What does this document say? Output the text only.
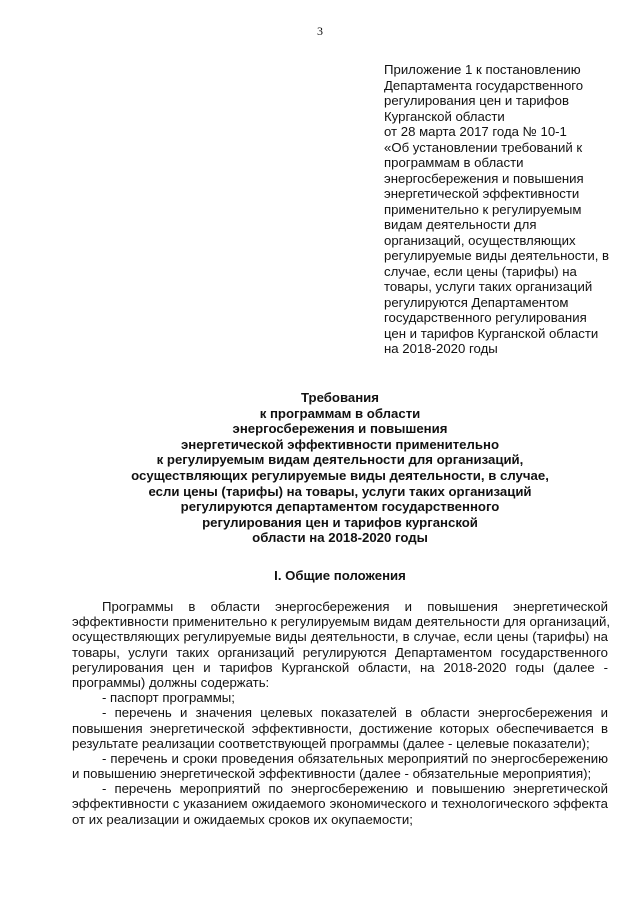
3
Приложение 1 к постановлению
Департамента государственного
регулирования цен и тарифов
Курганской области
от 28 марта 2017 года № 10-1
«Об установлении требований к
программам в области
энергосбережения и повышения
энергетической эффективности
применительно к регулируемым
видам деятельности для
организаций, осуществляющих
регулируемые виды деятельности, в
случае, если цены (тарифы) на
товары, услуги таких организаций
регулируются Департаментом
государственного регулирования
цен и тарифов Курганской области
на 2018-2020 годы
Требования
к программам в области
энергосбережения и повышения
энергетической эффективности применительно
к регулируемым видам деятельности для организаций,
осуществляющих регулируемые виды деятельности, в случае,
если цены (тарифы) на товары, услуги таких организаций
регулируются департаментом государственного
регулирования цен и тарифов курганской
области на 2018-2020 годы
I. Общие положения
Программы в области энергосбережения и повышения энергетической
эффективности применительно к регулируемым видам деятельности для организаций,
осуществляющих регулируемые виды деятельности, в случае, если цены (тарифы) на
товары, услуги таких организаций регулируются Департаментом государственного
регулирования цен и тарифов Курганской области, на 2018-2020 годы (далее -
программы) должны содержать:
- паспорт программы;
- перечень и значения целевых показателей в области энергосбережения и
повышения энергетической эффективности, достижение которых обеспечивается в
результате реализации соответствующей программы (далее - целевые показатели);
- перечень и сроки проведения обязательных мероприятий по энергосбережению
и повышению энергетической эффективности (далее - обязательные мероприятия);
- перечень мероприятий по энергосбережению и повышению энергетической
эффективности с указанием ожидаемого экономического и технологического эффекта
от их реализации и ожидаемых сроков их окупаемости;
